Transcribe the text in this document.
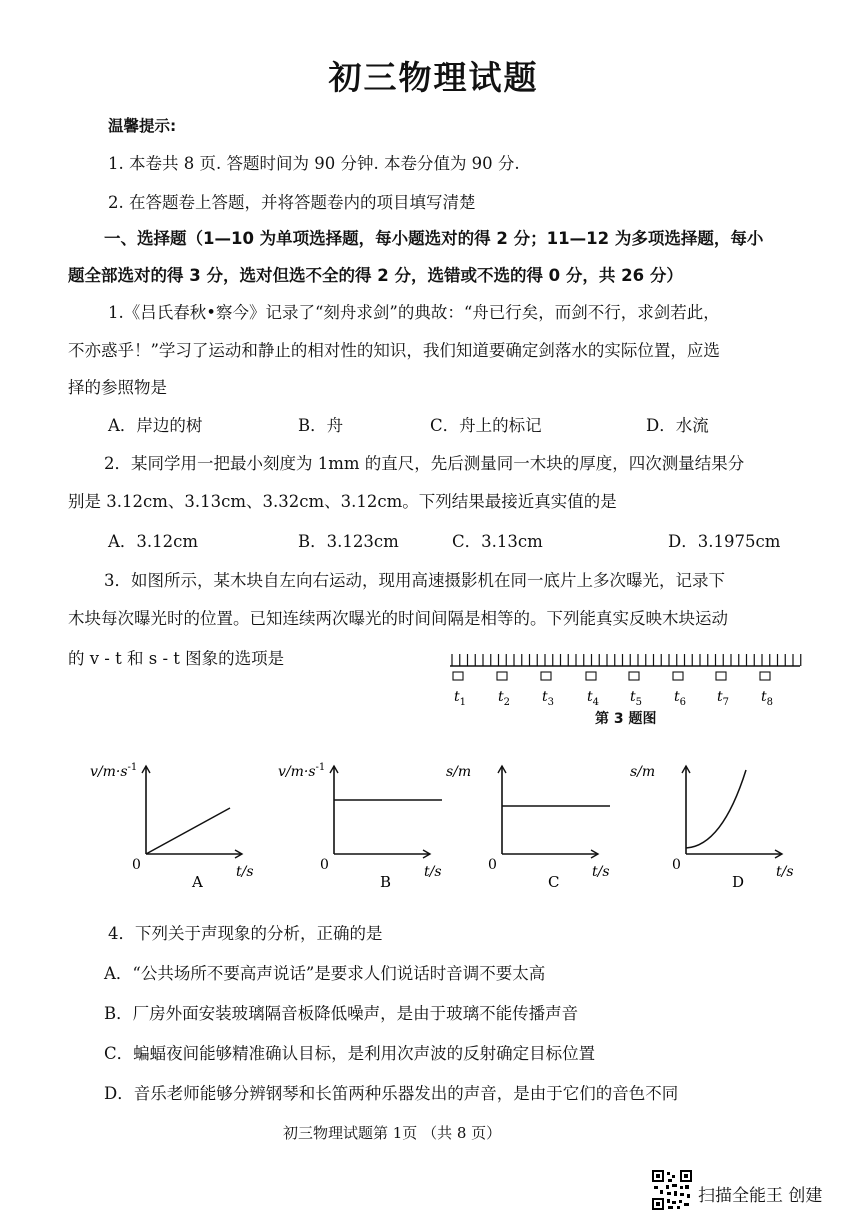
初三物理试题
温馨提示:
1. 本卷共 8 页. 答题时间为 90 分钟. 本卷分值为 90 分.
2. 在答题卷上答题，并将答题卷内的项目填写清楚
一、选择题（1—10 为单项选择题，每小题选对的得 2 分；11—12 为多项选择题，每小
题全部选对的得 3 分，选对但选不全的得 2 分，选错或不选的得 0 分，共 26 分）
1.《吕氏春秋•察今》记录了“刻舟求剑”的典故：“舟已行矣，而剑不行，求剑若此，
不亦惑乎！”学习了运动和静止的相对性的知识，我们知道要确定剑落水的实际位置，应选
择的参照物是
A．岸边的树	B．舟	C．舟上的标记	D．水流
2．某同学用一把最小刻度为 1mm 的直尺，先后测量同一木块的厚度，四次测量结果分
别是 3.12cm、3.13cm、3.32cm、3.12cm。下列结果最接近真实值的是
A．3.12cm	B．3.123cm	C．3.13cm	D．3.1975cm
3．如图所示，某木块自左向右运动，现用高速摄影机在同一底片上多次曝光，记录下
木块每次曝光时的位置。已知连续两次曝光的时间间隔是相等的。下列能真实反映木块运动
的 v - t 和 s - t 图象的选项是
$t_1$ $t_2$ $t_3$ $t_4$ $t_5$ $t_6$ $t_7$ $t_8$
第 3 题图
$v/m\cdot s^{-1}$
0	t/s
A
$v/m\cdot s^{-1}$
0	t/s
B
s/m
0	t/s
C
s/m
0	t/s
D
4．下列关于声现象的分析，正确的是
A．“公共场所不要高声说话”是要求人们说话时音调不要太高
B．厂房外面安装玻璃隔音板降低噪声，是由于玻璃不能传播声音
C．蝙蝠夜间能够精准确认目标，是利用次声波的反射确定目标位置
D．音乐老师能够分辨钢琴和长笛两种乐器发出的声音，是由于它们的音色不同
初三物理试题第 1页 （共 8 页）
扫描全能王 创建
